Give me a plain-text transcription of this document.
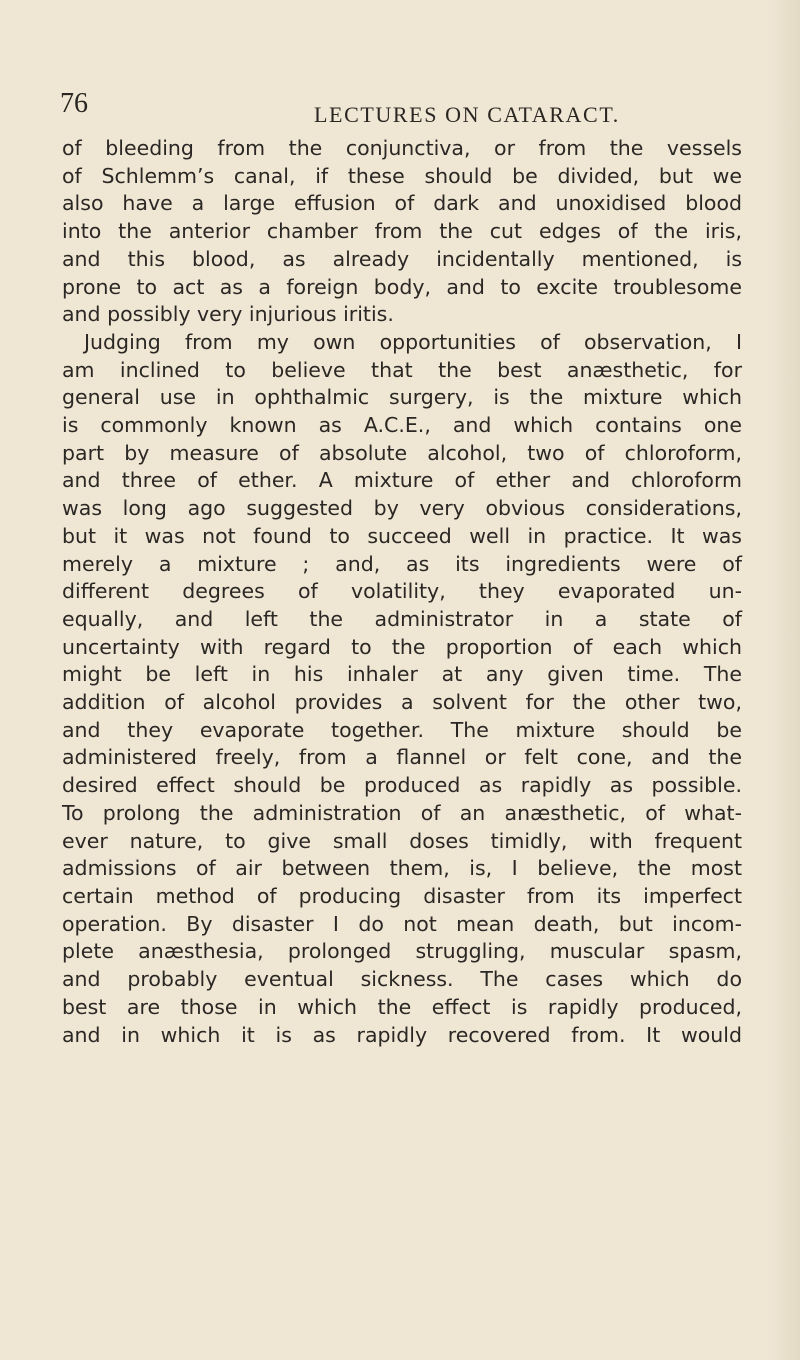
76	LECTURES ON CATARACT.
of bleeding from the conjunctiva, or from the vessels
of Schlemm’s canal, if these should be divided, but we
also have a large effusion of dark and unoxidised blood
into the anterior chamber from the cut edges of the iris,
and this blood, as already incidentally mentioned, is
prone to act as a foreign body, and to excite troublesome
and possibly very injurious iritis.
Judging from my own opportunities of observation, I
am inclined to believe that the best anæsthetic, for
general use in ophthalmic surgery, is the mixture which
is commonly known as A.C.E., and which contains one
part by measure of absolute alcohol, two of chloroform,
and three of ether. A mixture of ether and chloroform
was long ago suggested by very obvious considerations,
but it was not found to succeed well in practice. It was
merely a mixture ; and, as its ingredients were of
different degrees of volatility, they evaporated un-
equally, and left the administrator in a state of
uncertainty with regard to the proportion of each which
might be left in his inhaler at any given time. The
addition of alcohol provides a solvent for the other two,
and they evaporate together. The mixture should be
administered freely, from a flannel or felt cone, and the
desired effect should be produced as rapidly as possible.
To prolong the administration of an anæsthetic, of what-
ever nature, to give small doses timidly, with frequent
admissions of air between them, is, I believe, the most
certain method of producing disaster from its imperfect
operation. By disaster I do not mean death, but incom-
plete anæsthesia, prolonged struggling, muscular spasm,
and probably eventual sickness. The cases which do
best are those in which the effect is rapidly produced,
and in which it is as rapidly recovered from. It would
